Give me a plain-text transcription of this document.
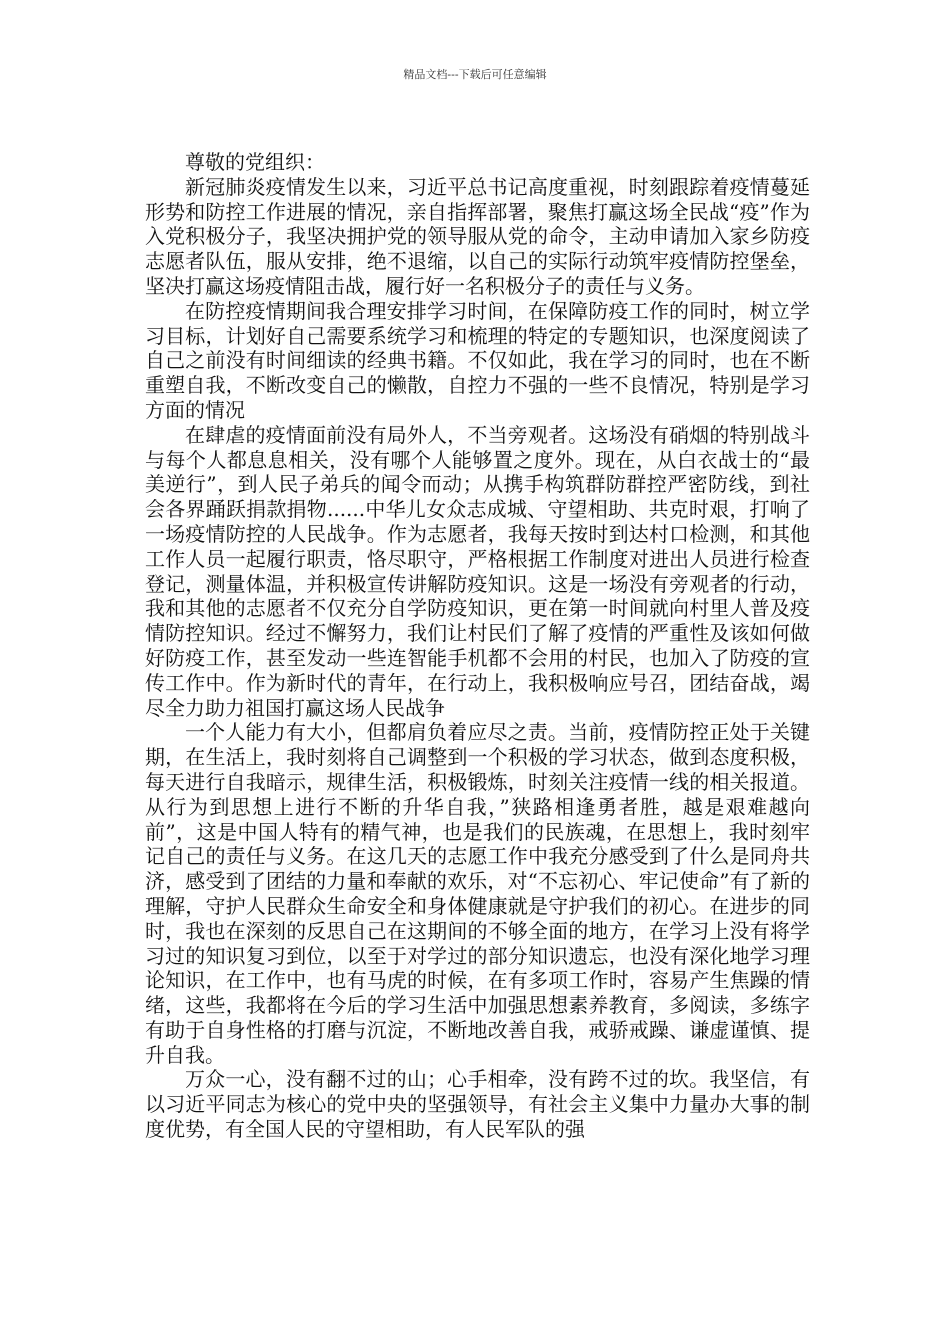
精品文档---下载后可任意编辑

尊敬的党组织：

新冠肺炎疫情发生以来，习近平总书记高度重视，时刻跟踪着疫情蔓延形势和防控工作进展的情况，亲自指挥部署，聚焦打赢这场全民战“疫”作为入党积极分子，我坚决拥护党的领导服从党的命令，主动申请加入家乡防疫志愿者队伍，服从安排，绝不退缩，以自己的实际行动筑牢疫情防控堡垒，坚决打赢这场疫情阻击战，履行好一名积极分子的责任与义务。

在防控疫情期间我合理安排学习时间，在保障防疫工作的同时，树立学习目标，计划好自己需要系统学习和梳理的特定的专题知识，也深度阅读了自己之前没有时间细读的经典书籍。不仅如此，我在学习的同时，也在不断重塑自我，不断改变自己的懒散，自控力不强的一些不良情况，特别是学习方面的情况

在肆虐的疫情面前没有局外人，不当旁观者。这场没有硝烟的特别战斗与每个人都息息相关，没有哪个人能够置之度外。现在，从白衣战士的“最美逆行”，到人民子弟兵的闻令而动；从携手构筑群防群控严密防线，到社会各界踊跃捐款捐物......中华儿女众志成城、守望相助、共克时艰，打响了一场疫情防控的人民战争。作为志愿者，我每天按时到达村口检测，和其他工作人员一起履行职责，恪尽职守，严格根据工作制度对进出人员进行检查登记，测量体温，并积极宣传讲解防疫知识。这是一场没有旁观者的行动，我和其他的志愿者不仅充分自学防疫知识，更在第一时间就向村里人普及疫情防控知识。经过不懈努力，我们让村民们了解了疫情的严重性及该如何做好防疫工作，甚至发动一些连智能手机都不会用的村民，也加入了防疫的宣传工作中。作为新时代的青年，在行动上，我积极响应号召，团结奋战，竭尽全力助力祖国打赢这场人民战争

一个人能力有大小，但都肩负着应尽之责。当前，疫情防控正处于关键期，在生活上，我时刻将自己调整到一个积极的学习状态，做到态度积极，每天进行自我暗示，规律生活，积极锻炼，时刻关注疫情一线的相关报道。从行为到思想上进行不断的升华自我，”狭路相逢勇者胜，越是艰难越向前”，这是中国人特有的精气神，也是我们的民族魂，在思想上，我时刻牢记自己的责任与义务。在这几天的志愿工作中我充分感受到了什么是同舟共济，感受到了团结的力量和奉献的欢乐，对“不忘初心、牢记使命”有了新的理解，守护人民群众生命安全和身体健康就是守护我们的初心。在进步的同时，我也在深刻的反思自己在这期间的不够全面的地方，在学习上没有将学习过的知识复习到位，以至于对学过的部分知识遗忘，也没有深化地学习理论知识，在工作中，也有马虎的时候，在有多项工作时，容易产生焦躁的情绪，这些，我都将在今后的学习生活中加强思想素养教育，多阅读，多练字有助于自身性格的打磨与沉淀，不断地改善自我，戒骄戒躁、谦虚谨慎、提升自我。

万众一心，没有翻不过的山；心手相牵，没有跨不过的坎。我坚信，有以习近平同志为核心的党中央的坚强领导，有社会主义集中力量办大事的制度优势，有全国人民的守望相助，有人民军队的强
